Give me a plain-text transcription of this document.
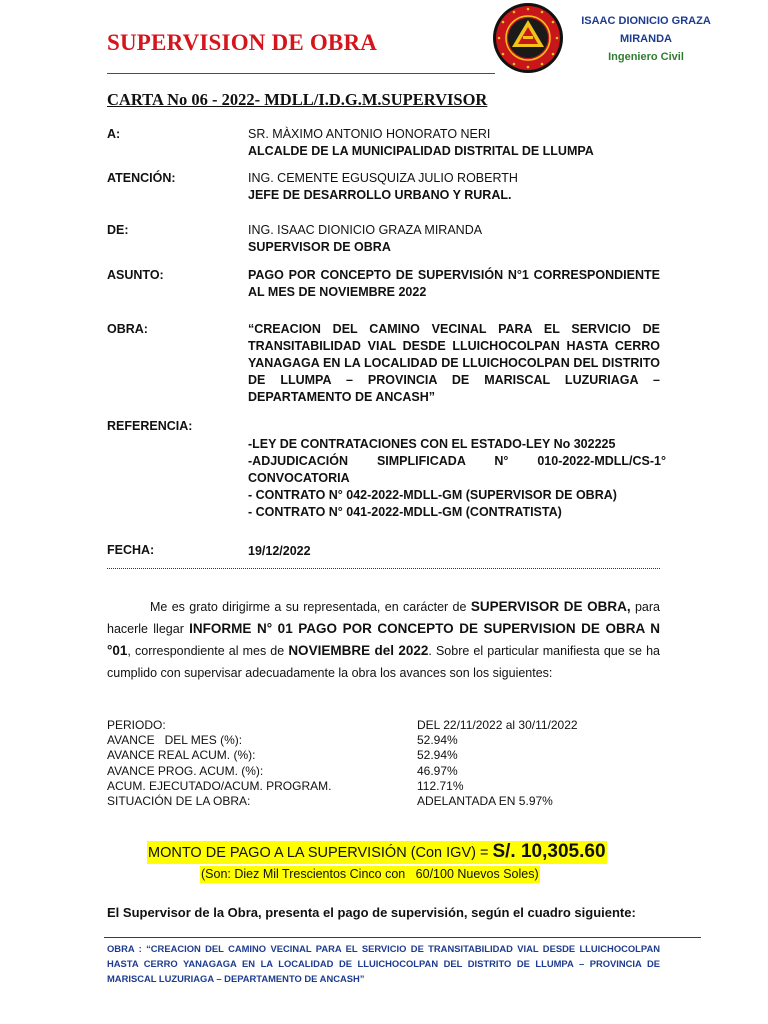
SUPERVISION DE OBRA
ISAAC DIONICIO GRAZA
MIRANDA
Ingeniero Civil
CARTA No 06 - 2022- MDLL/I.D.G.M.SUPERVISOR
A:	SR. MÀXIMO ANTONIO HONORATO NERI
ALCALDE DE LA MUNICIPALIDAD DISTRITAL DE LLUMPA
ATENCIÓN:	ING. CEMENTE EGUSQUIZA JULIO ROBERTH
JEFE DE DESARROLLO URBANO Y RURAL.
DE:	ING. ISAAC DIONICIO GRAZA MIRANDA
SUPERVISOR DE OBRA
ASUNTO:	PAGO POR CONCEPTO DE SUPERVISIÓN N°1 CORRESPONDIENTE AL MES DE NOVIEMBRE 2022
OBRA:	“CREACION DEL CAMINO VECINAL PARA EL SERVICIO DE TRANSITABILIDAD VIAL DESDE LLUICHOCOLPAN HASTA CERRO YANAGAGA EN LA LOCALIDAD DE LLUICHOCOLPAN DEL DISTRITO DE LLUMPA – PROVINCIA DE MARISCAL LUZURIAGA – DEPARTAMENTO DE ANCASH”
REFERENCIA:
-LEY DE CONTRATACIONES CON EL ESTADO-LEY No 302225
-ADJUDICACIÓN SIMPLIFICADA N° 010-2022-MDLL/CS-1° CONVOCATORIA
- CONTRATO N° 042-2022-MDLL-GM (SUPERVISOR DE OBRA)
- CONTRATO N° 041-2022-MDLL-GM (CONTRATISTA)
FECHA:	19/12/2022

Me es grato dirigirme a su representada, en carácter de SUPERVISOR DE OBRA, para hacerle llegar INFORME N° 01 PAGO POR CONCEPTO DE SUPERVISION DE OBRA N °01, correspondiente al mes de NOVIEMBRE del 2022. Sobre el particular manifiesta que se ha cumplido con supervisar adecuadamente la obra los avances son los siguientes:

PERIODO:	DEL 22/11/2022 al 30/11/2022
AVANCE   DEL MES (%):	52.94%
AVANCE REAL ACUM. (%):	52.94%
AVANCE PROG. ACUM. (%):	46.97%
ACUM. EJECUTADO/ACUM. PROGRAM.	112.71%
SITUACIÓN DE LA OBRA:	ADELANTADA EN 5.97%
MONTO DE PAGO A LA SUPERVISIÓN (Con IGV) = S/. 10,305.60
(Son: Diez Mil Trescientos Cinco con   60/100 Nuevos Soles)
El Supervisor de la Obra, presenta el pago de supervisión, según el cuadro siguiente:
OBRA : “CREACION DEL CAMINO VECINAL PARA EL SERVICIO DE TRANSITABILIDAD VIAL DESDE LLUICHOCOLPAN HASTA CERRO YANAGAGA EN LA LOCALIDAD DE LLUICHOCOLPAN DEL DISTRITO DE LLUMPA – PROVINCIA DE MARISCAL LUZURIAGA – DEPARTAMENTO DE ANCASH”
